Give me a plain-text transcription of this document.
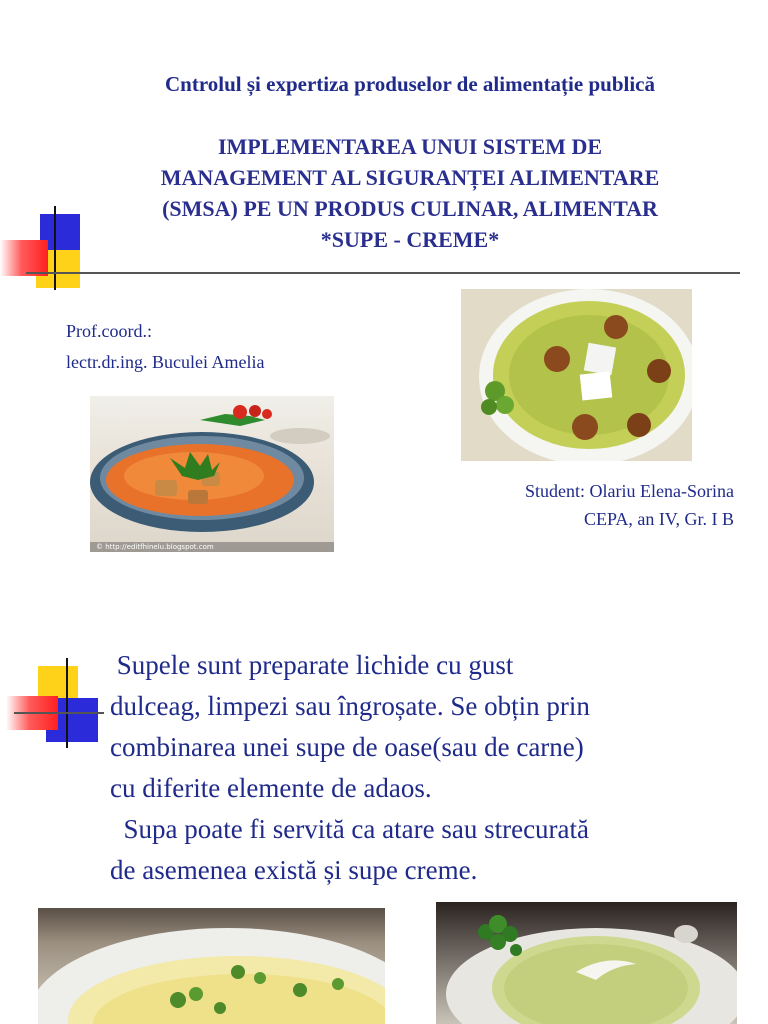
Cntrolul și expertiza produselor de alimentație publică
IMPLEMENTAREA UNUI SISTEM DE
MANAGEMENT AL SIGURANȚEI ALIMENTARE
(SMSA) PE UN PRODUS CULINAR, ALIMENTAR
*SUPE - CREME*
Prof.coord.:
lectr.dr.ing. Buculei Amelia
© http://editfhinelu.blogspot.com
Student: Olariu Elena-Sorina
CEPA, an IV, Gr. I B
Supele sunt preparate lichide cu gust
dulceag, limpezi sau îngroșate. Se obțin prin
combinarea unei supe de oase(sau de carne)
cu diferite elemente de adaos.
Supa poate fi servită ca atare sau strecurată
de asemenea există și supe creme.
